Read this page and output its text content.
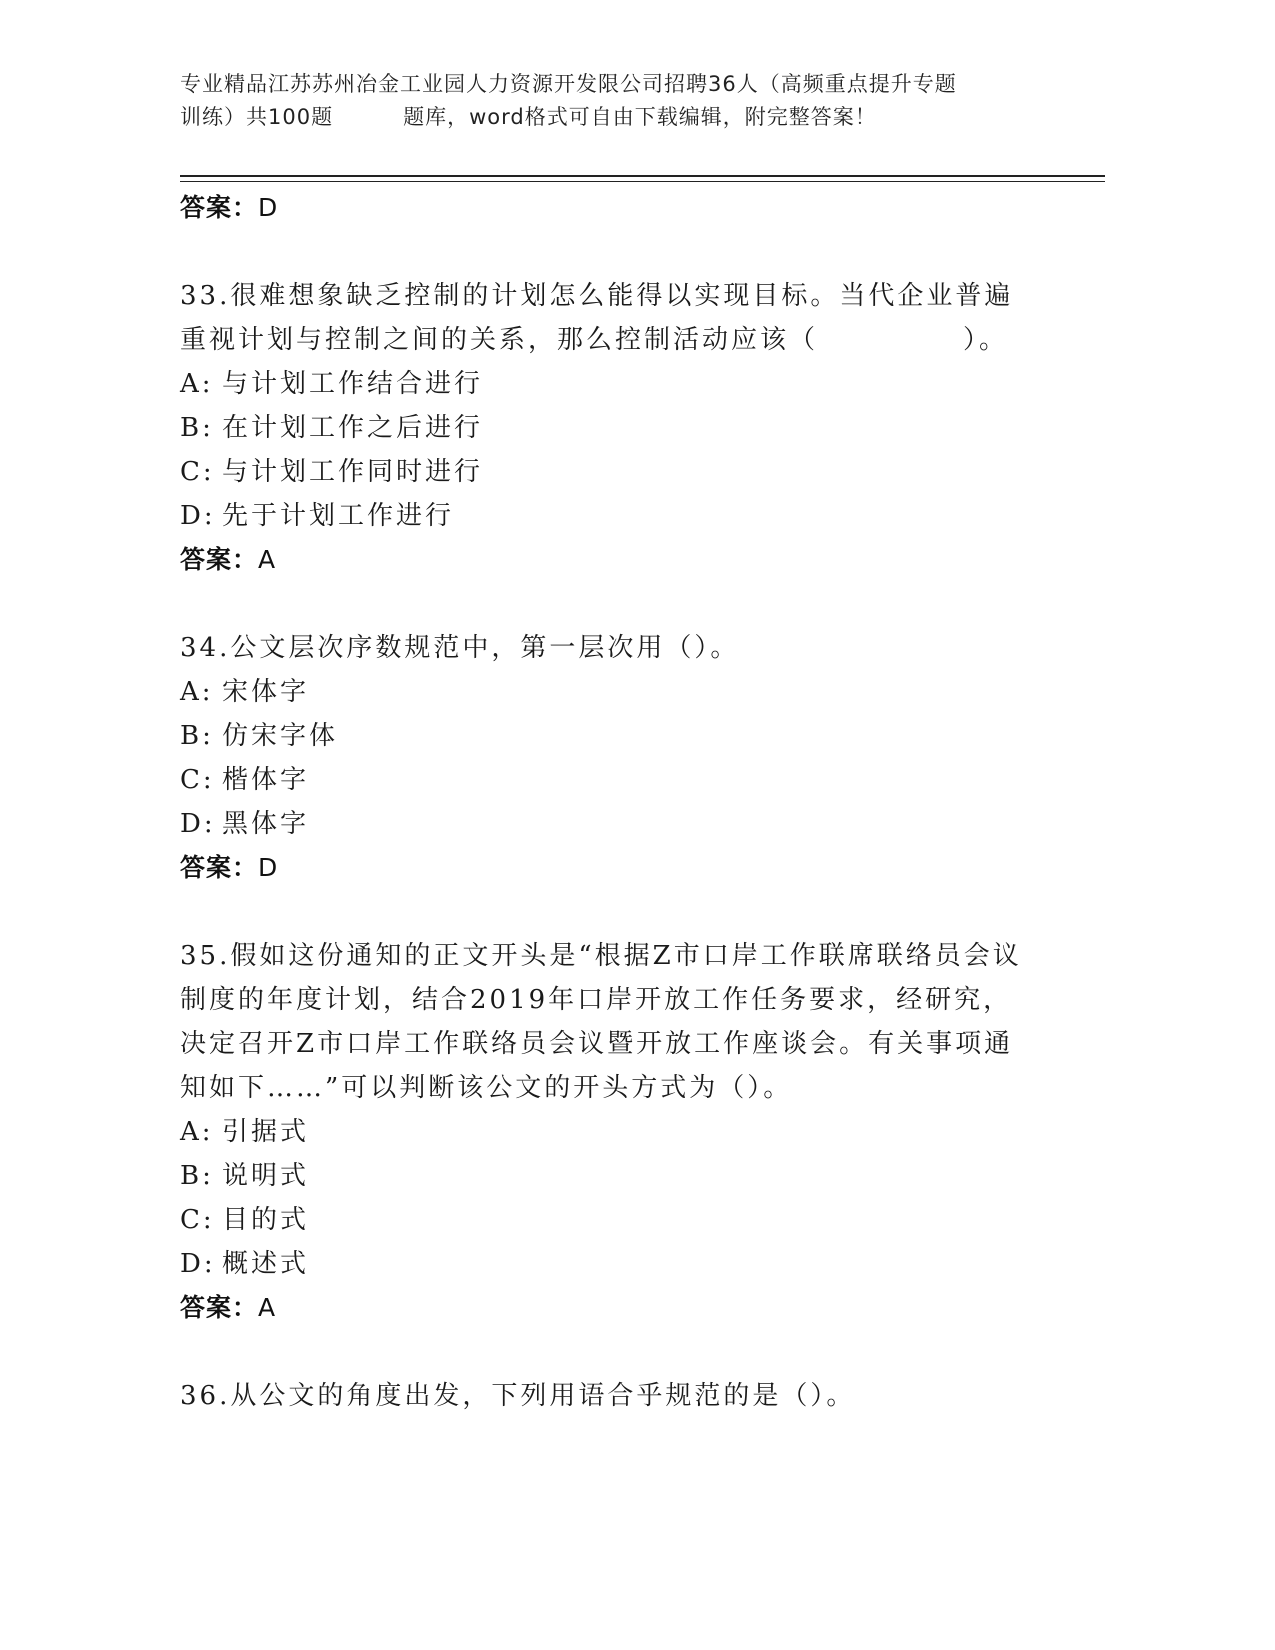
专业精品江苏苏州冶金工业园人力资源开发限公司招聘36人（高频重点提升专题

训练）共100题	题库，word格式可自由下载编辑，附完整答案！
答案：D
33.很难想象缺乏控制的计划怎么能得以实现目标。当代企业普遍重视计划与控制之间的关系，那么控制活动应该（　　　　　）。
A: 与计划工作结合进行
B: 在计划工作之后进行
C: 与计划工作同时进行
D: 先于计划工作进行
答案：A
34.公文层次序数规范中，第一层次用（）。
A: 宋体字
B: 仿宋字体
C: 楷体字
D: 黑体字
答案：D
35.假如这份通知的正文开头是“根据Z市口岸工作联席联络员会议制度的年度计划，结合2019年口岸开放工作任务要求，经研究，决定召开Z市口岸工作联络员会议暨开放工作座谈会。有关事项通知如下……”可以判断该公文的开头方式为（）。
A: 引据式
B: 说明式
C: 目的式
D: 概述式
答案：A
36.从公文的角度出发，下列用语合乎规范的是（）。
